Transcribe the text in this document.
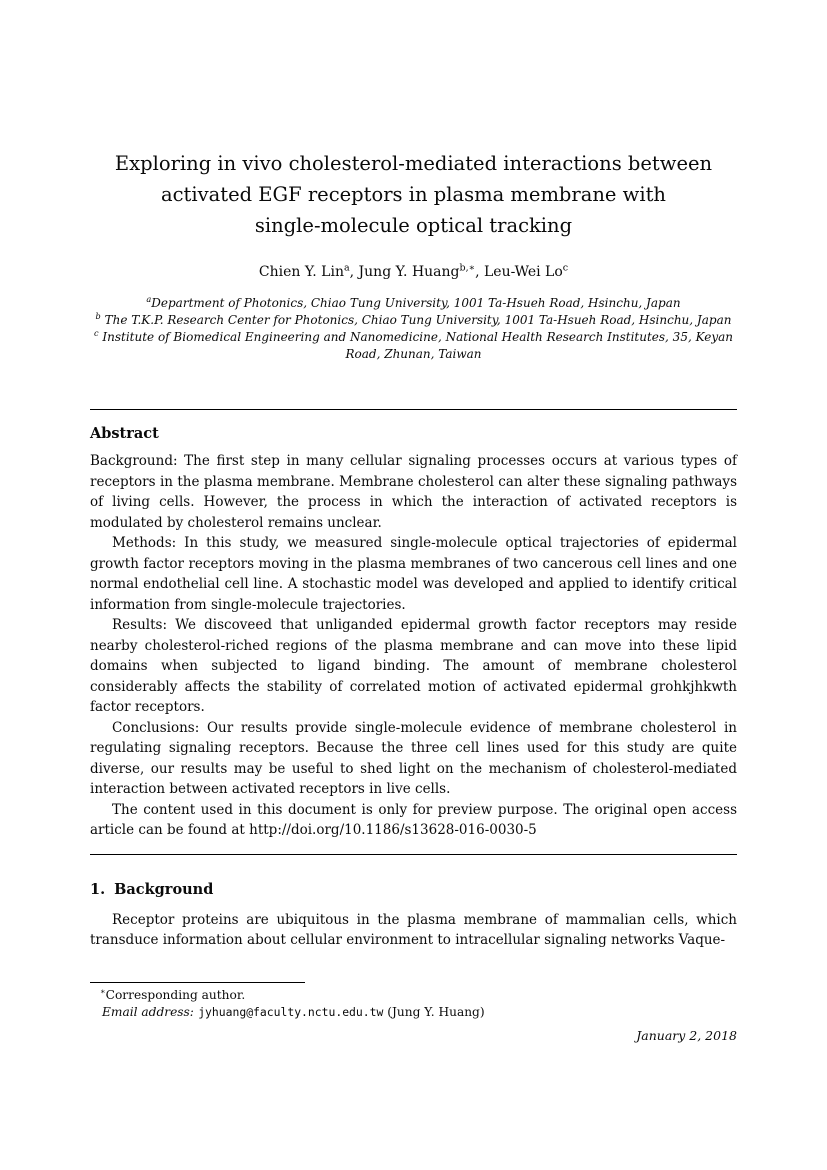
Exploring in vivo cholesterol-mediated interactions between
activated EGF receptors in plasma membrane with
single-molecule optical tracking
Chien Y. Lin$^a$, Jung Y. Huang$^{b,∗}$, Leu-Wei Lo$^c$
$^a$Department of Photonics, Chiao Tung University, 1001 Ta-Hsueh Road, Hsinchu, Japan
$^b$ The T.K.P. Research Center for Photonics, Chiao Tung University, 1001 Ta-Hsueh Road, Hsinchu, Japan
$^c$ Institute of Biomedical Engineering and Nanomedicine, National Health Research Institutes, 35, Keyan Road, Zhunan, Taiwan
Abstract

Background: The first step in many cellular signaling processes occurs at various types of receptors in the plasma membrane. Membrane cholesterol can alter these signaling pathways of living cells. However, the process in which the interaction of activated receptors is modulated by cholesterol remains unclear.

Methods: In this study, we measured single-molecule optical trajectories of epidermal growth factor receptors moving in the plasma membranes of two cancerous cell lines and one normal endothelial cell line. A stochastic model was developed and applied to identify critical information from single-molecule trajectories.

Results: We discoveed that unliganded epidermal growth factor receptors may reside nearby cholesterol-riched regions of the plasma membrane and can move into these lipid domains when subjected to ligand binding. The amount of membrane cholesterol considerably affects the stability of correlated motion of activated epidermal grohkjhkwth factor receptors.

Conclusions: Our results provide single-molecule evidence of membrane cholesterol in regulating signaling receptors. Because the three cell lines used for this study are quite diverse, our results may be useful to shed light on the mechanism of cholesterol-mediated interaction between activated receptors in live cells.

The content used in this document is only for preview purpose. The original open access article can be found at http://doi.org/10.1186/s13628-016-0030-5

1. Background

Receptor proteins are ubiquitous in the plasma membrane of mammalian cells, which transduce information about cellular environment to intracellular signaling networks Vaque-

∗Corresponding author.
Email address: jyhuang@faculty.nctu.edu.tw (Jung Y. Huang)
January 2, 2018
